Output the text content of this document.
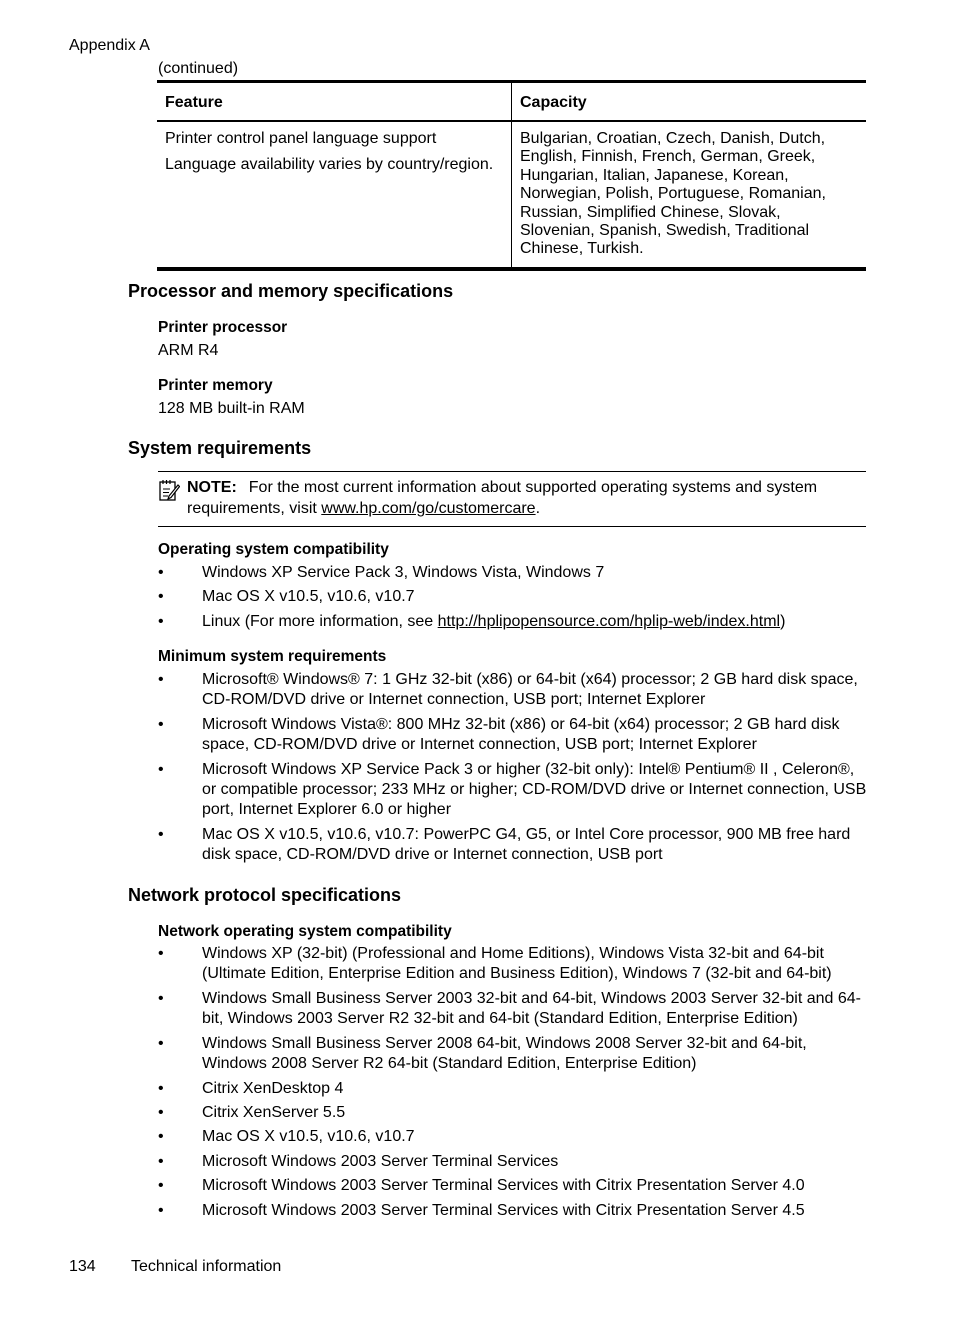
Appendix A
(continued)
Feature	Capacity

Printer control panel language support

Language availability varies by country/region.	Bulgarian, Croatian, Czech, Danish, Dutch, English, Finnish, French, German, Greek, Hungarian, Italian, Japanese, Korean, Norwegian, Polish, Portuguese, Romanian, Russian, Simplified Chinese, Slovak, Slovenian, Spanish, Swedish, Traditional Chinese, Turkish.
Processor and memory specifications
Printer processor

ARM R4

Printer memory

128 MB built-in RAM

System requirements
NOTE: For the most current information about supported operating systems and system requirements, visit www.hp.com/go/customercare.
Operating system compatibility
• Windows XP Service Pack 3, Windows Vista, Windows 7
• Mac OS X v10.5, v10.6, v10.7
• Linux (For more information, see http://hplipopensource.com/hplip-web/index.html)
Minimum system requirements
• Microsoft® Windows® 7: 1 GHz 32-bit (x86) or 64-bit (x64) processor; 2 GB hard disk space, CD-ROM/DVD drive or Internet connection, USB port; Internet Explorer
• Microsoft Windows Vista®: 800 MHz 32-bit (x86) or 64-bit (x64) processor; 2 GB hard disk space, CD-ROM/DVD drive or Internet connection, USB port; Internet Explorer
• Microsoft Windows XP Service Pack 3 or higher (32-bit only): Intel® Pentium® II , Celeron®, or compatible processor; 233 MHz or higher; CD-ROM/DVD drive or Internet connection, USB port, Internet Explorer 6.0 or higher
• Mac OS X v10.5, v10.6, v10.7: PowerPC G4, G5, or Intel Core processor, 900 MB free hard disk space, CD-ROM/DVD drive or Internet connection, USB port
Network protocol specifications
Network operating system compatibility
• Windows XP (32-bit) (Professional and Home Editions), Windows Vista 32-bit and 64-bit (Ultimate Edition, Enterprise Edition and Business Edition), Windows 7 (32-bit and 64-bit)
• Windows Small Business Server 2003 32-bit and 64-bit, Windows 2003 Server 32-bit and 64-bit, Windows 2003 Server R2 32-bit and 64-bit (Standard Edition, Enterprise Edition)
• Windows Small Business Server 2008 64-bit, Windows 2008 Server 32-bit and 64-bit, Windows 2008 Server R2 64-bit (Standard Edition, Enterprise Edition)
• Citrix XenDesktop 4
• Citrix XenServer 5.5
• Mac OS X v10.5, v10.6, v10.7
• Microsoft Windows 2003 Server Terminal Services
• Microsoft Windows 2003 Server Terminal Services with Citrix Presentation Server 4.0
• Microsoft Windows 2003 Server Terminal Services with Citrix Presentation Server 4.5
134 Technical information
